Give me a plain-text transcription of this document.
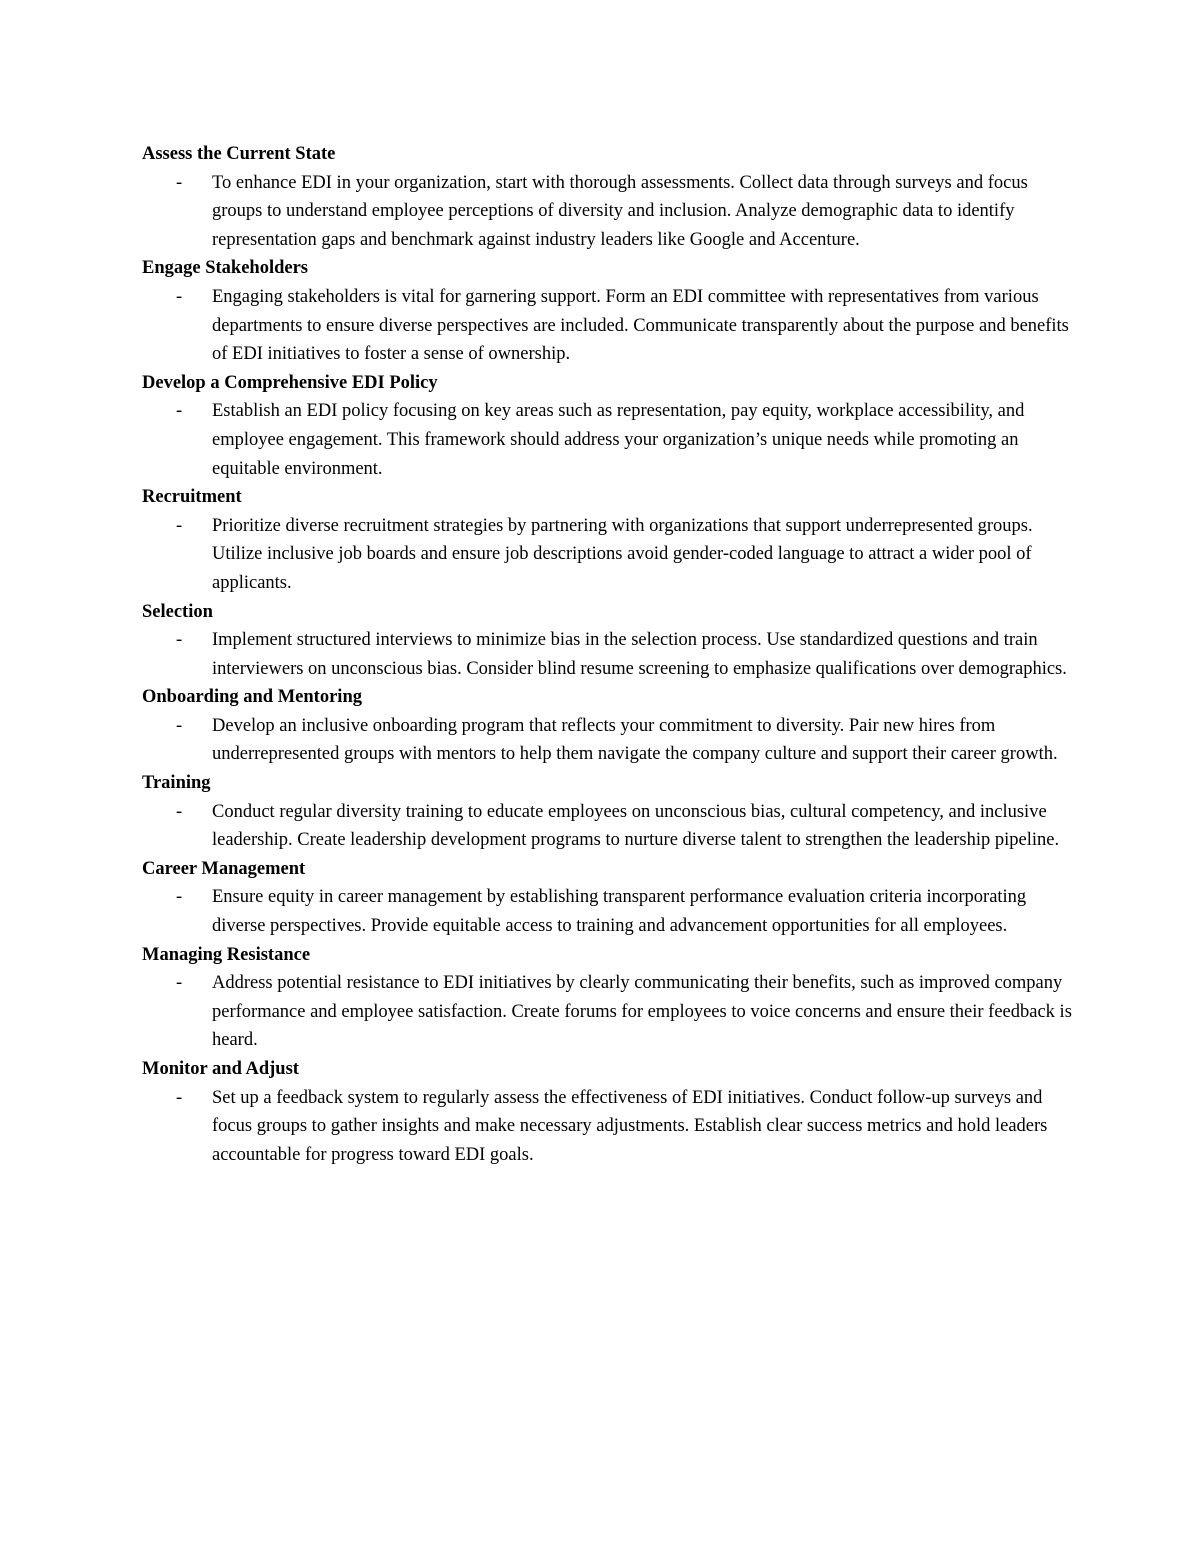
Assess the Current State

- To enhance EDI in your organization, start with thorough assessments. Collect data through surveys and focus groups to understand employee perceptions of diversity and inclusion. Analyze demographic data to identify representation gaps and benchmark against industry leaders like Google and Accenture.

Engage Stakeholders

- Engaging stakeholders is vital for garnering support. Form an EDI committee with representatives from various departments to ensure diverse perspectives are included. Communicate transparently about the purpose and benefits of EDI initiatives to foster a sense of ownership.

Develop a Comprehensive EDI Policy

- Establish an EDI policy focusing on key areas such as representation, pay equity, workplace accessibility, and employee engagement. This framework should address your organization’s unique needs while promoting an equitable environment.

Recruitment

- Prioritize diverse recruitment strategies by partnering with organizations that support underrepresented groups. Utilize inclusive job boards and ensure job descriptions avoid gender-coded language to attract a wider pool of applicants.

Selection

- Implement structured interviews to minimize bias in the selection process. Use standardized questions and train interviewers on unconscious bias. Consider blind resume screening to emphasize qualifications over demographics.

Onboarding and Mentoring

- Develop an inclusive onboarding program that reflects your commitment to diversity. Pair new hires from underrepresented groups with mentors to help them navigate the company culture and support their career growth.

Training

- Conduct regular diversity training to educate employees on unconscious bias, cultural competency, and inclusive leadership. Create leadership development programs to nurture diverse talent to strengthen the leadership pipeline.

Career Management

- Ensure equity in career management by establishing transparent performance evaluation criteria incorporating diverse perspectives. Provide equitable access to training and advancement opportunities for all employees.

Managing Resistance

- Address potential resistance to EDI initiatives by clearly communicating their benefits, such as improved company performance and employee satisfaction. Create forums for employees to voice concerns and ensure their feedback is heard.

Monitor and Adjust

- Set up a feedback system to regularly assess the effectiveness of EDI initiatives. Conduct follow-up surveys and focus groups to gather insights and make necessary adjustments. Establish clear success metrics and hold leaders accountable for progress toward EDI goals.
